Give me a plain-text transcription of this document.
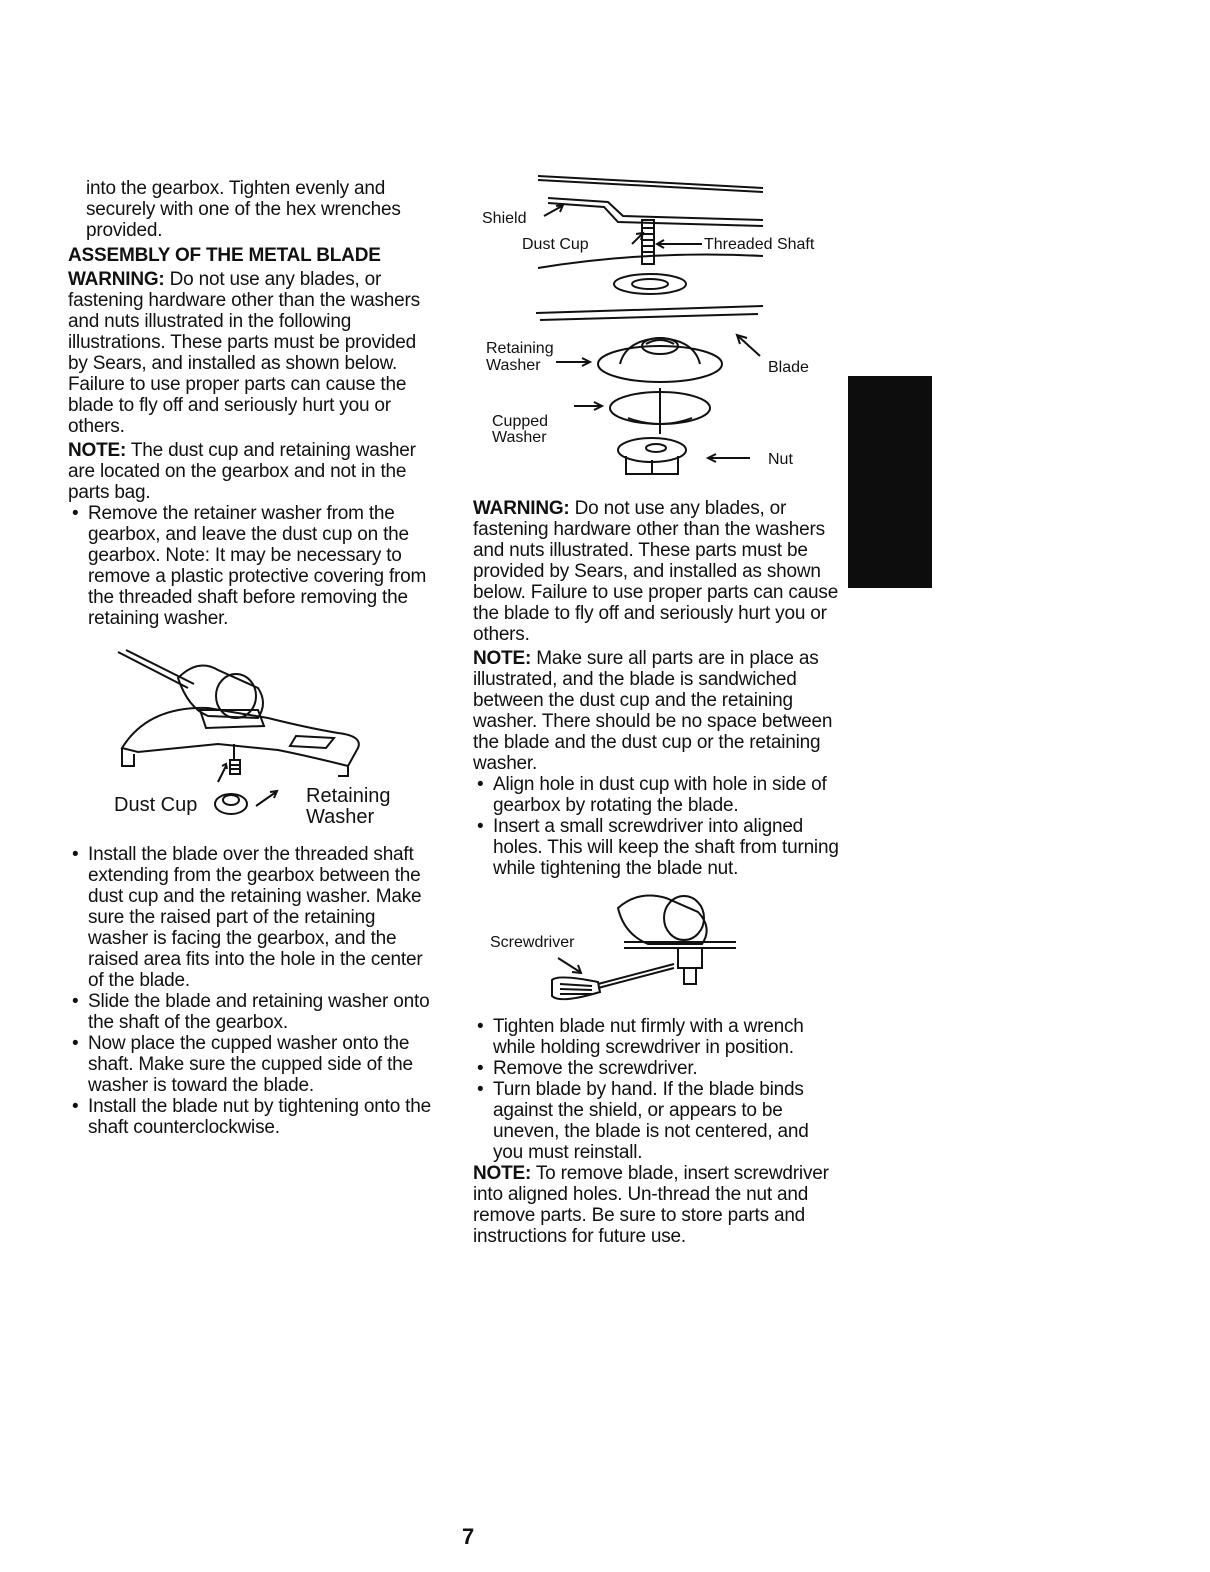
into the gearbox. Tighten evenly and securely with one of the hex wrenches provided.

ASSEMBLY OF THE METAL BLADE

WARNING: Do not use any blades, or fastening hardware other than the washers and nuts illustrated in the following illustrations. These parts must be provided by Sears, and installed as shown below. Failure to use proper parts can cause the blade to fly off and seriously hurt you or others.

NOTE: The dust cup and retaining washer are located on the gearbox and not in the parts bag.

• Remove the retainer washer from the gearbox, and leave the dust cup on the gearbox. Note: It may be necessary to remove a plastic protective covering from the threaded shaft before removing the retaining washer.

Dust Cup	Retaining
Washer

• Install the blade over the threaded shaft extending from the gearbox between the dust cup and the retaining washer. Make sure the raised part of the retaining washer is facing the gearbox, and the raised area fits into the hole in the center of the blade.

• Slide the blade and retaining washer onto the shaft of the gearbox.

• Now place the cupped washer onto the shaft. Make sure the cupped side of the washer is toward the blade.

• Install the blade nut by tightening onto the shaft counterclockwise.

Shield
Dust Cup	Threaded Shaft
Retaining
Washer	Blade
Cupped
Washer
Nut

WARNING: Do not use any blades, or fastening hardware other than the washers and nuts illustrated. These parts must be provided by Sears, and installed as shown below. Failure to use proper parts can cause the blade to fly off and seriously hurt you or others.

NOTE: Make sure all parts are in place as illustrated, and the blade is sandwiched between the dust cup and the retaining washer. There should be no space between the blade and the dust cup or the retaining washer.

• Align hole in dust cup with hole in side of gearbox by rotating the blade.

• Insert a small screwdriver into aligned holes. This will keep the shaft from turning while tightening the blade nut.

Screwdriver

• Tighten blade nut firmly with a wrench while holding screwdriver in position.

• Remove the screwdriver.

• Turn blade by hand. If the blade binds against the shield, or appears to be uneven, the blade is not centered, and you must reinstall.

NOTE: To remove blade, insert screwdriver into aligned holes. Un-thread the nut and remove parts. Be sure to store parts and instructions for future use.

7
